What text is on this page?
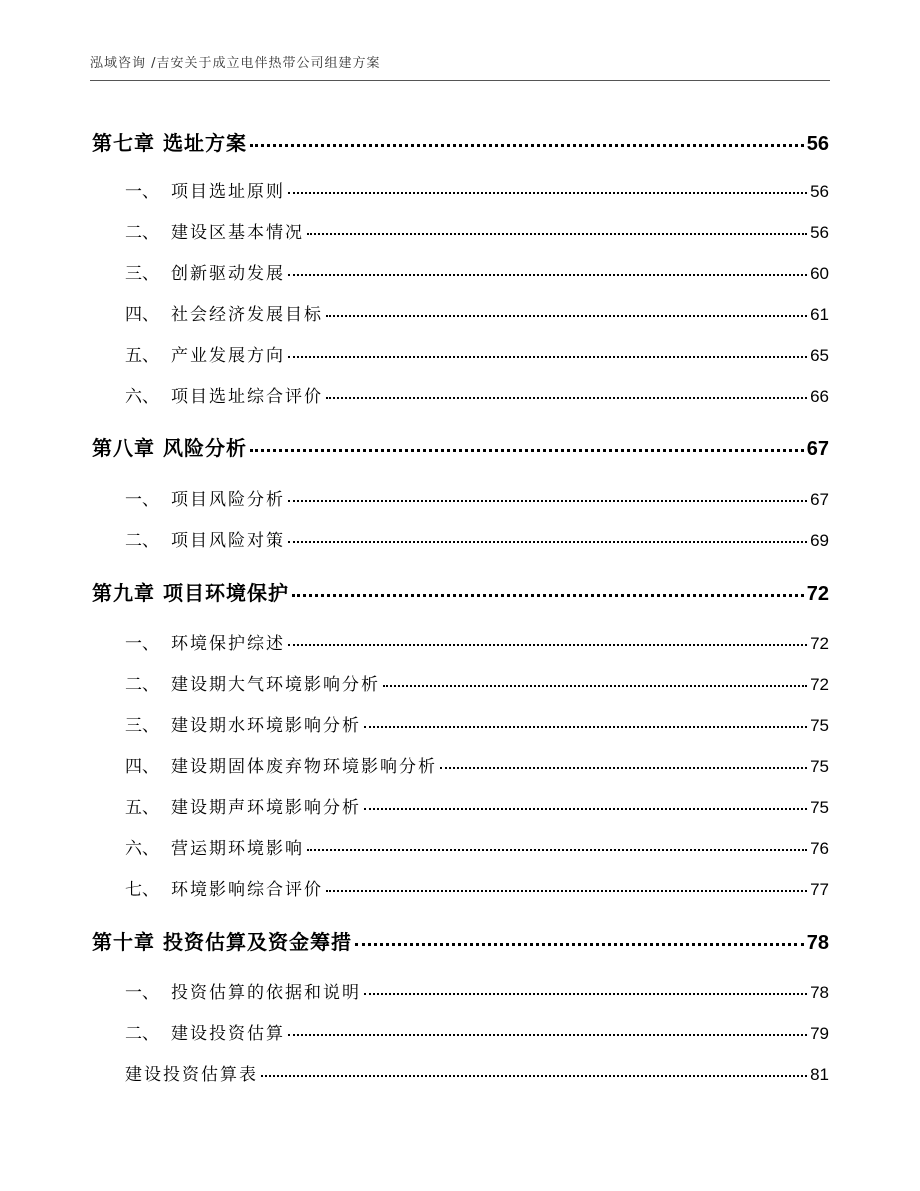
泓域咨询 /吉安关于成立电伴热带公司组建方案
第七章 选址方案	56
一、 项目选址原则	56
二、 建设区基本情况	56
三、 创新驱动发展	60
四、 社会经济发展目标	61
五、 产业发展方向	65
六、 项目选址综合评价	66
第八章 风险分析	67
一、 项目风险分析	67
二、 项目风险对策	69
第九章 项目环境保护	72
一、 环境保护综述	72
二、 建设期大气环境影响分析	72
三、 建设期水环境影响分析	75
四、 建设期固体废弃物环境影响分析	75
五、 建设期声环境影响分析	75
六、 营运期环境影响	76
七、 环境影响综合评价	77
第十章 投资估算及资金筹措	78
一、 投资估算的依据和说明	78
二、 建设投资估算	79
建设投资估算表	81
